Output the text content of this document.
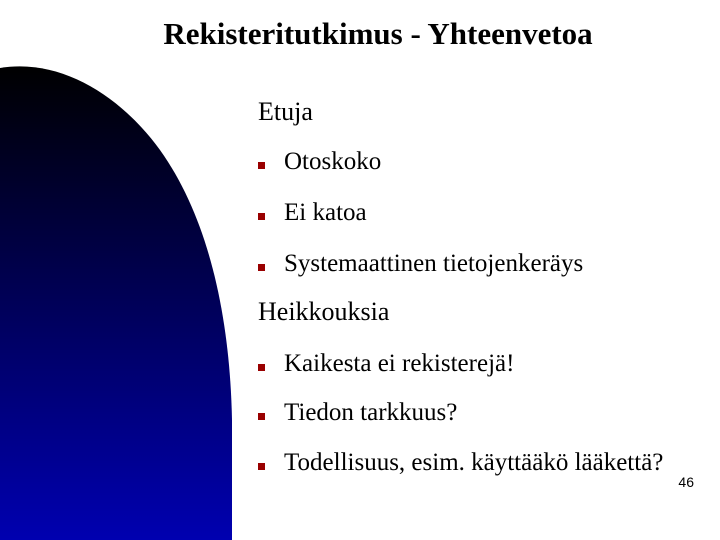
Rekisteritutkimus - Yhteenvetoa
Etuja
Otoskoko
Ei katoa
Systemaattinen tietojenkeräys
Heikkouksia
Kaikesta ei rekisterejä!
Tiedon tarkkuus?
Todellisuus, esim. käyttääkö lääkettä?
46
